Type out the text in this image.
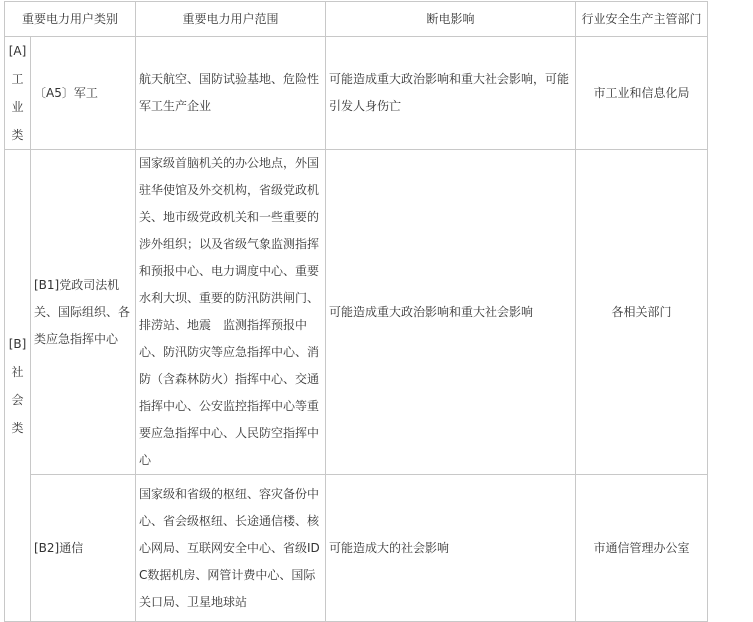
重要电力用户类别		重要电力用户范围	断电影响	行业安全生产主管部门

[A]
工
业
类	〔A5〕军工	航天航空、国防试验基地、危险性军工生产企业	可能造成重大政治影响和重大社会影响，可能引发人身伤亡	市工业和信息化局

[B]
社
会
类	[B1]党政司法机关、国际组织、各类应急指挥中心	国家级首脑机关的办公地点，外国驻华使馆及外交机构，省级党政机关、地市级党政机关和一些重要的涉外组织；以及省级气象监测指挥和预报中心、电力调度中心、重要水利大坝、重要的防汛防洪闸门、排涝站、地震　监测指挥预报中心、防汛防灾等应急指挥中心、消防（含森林防火）指挥中心、交通指挥中心、公安监控指挥中心等重要应急指挥中心、人民防空指挥中心	可能造成重大政治影响和重大社会影响	各相关部门
	[B2]通信	国家级和省级的枢纽、容灾备份中心、省会级枢纽、长途通信楼、核心网局、互联网安全中心、省级IDC数据机房、网管计费中心、国际关口局、卫星地球站	可能造成大的社会影响	市通信管理办公室
